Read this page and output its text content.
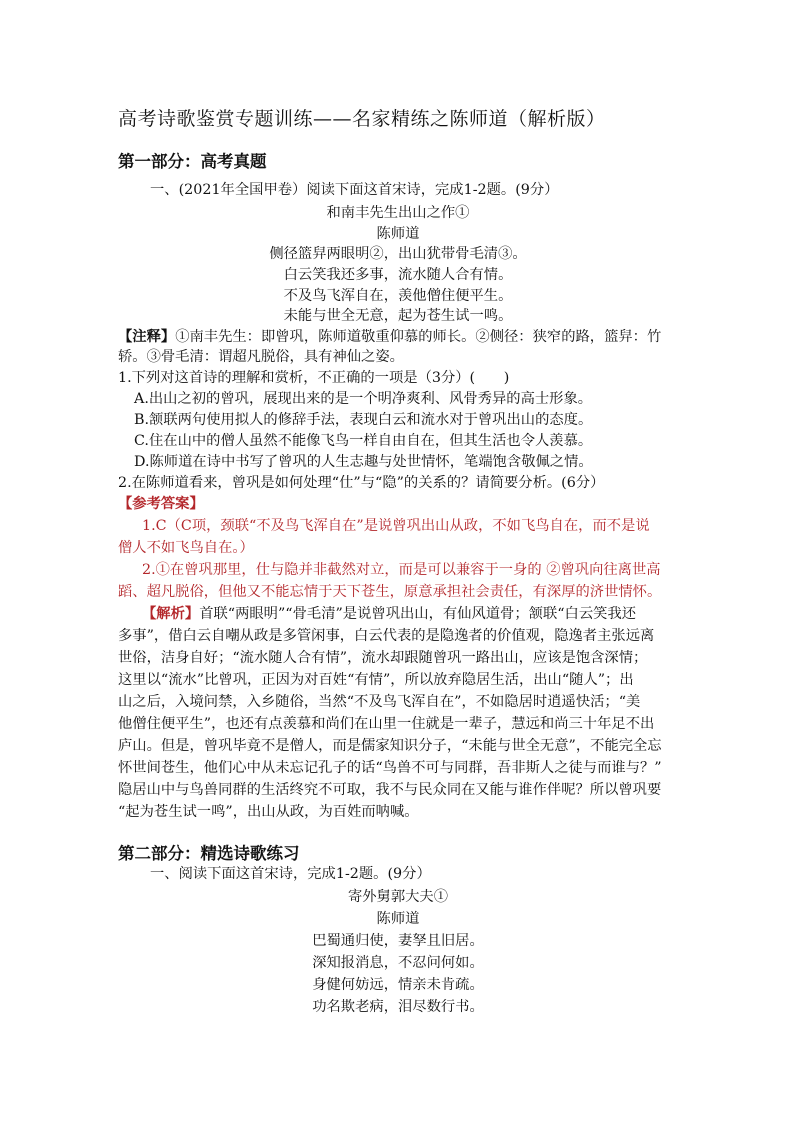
高考诗歌鉴赏专题训练——名家精练之陈师道（解析版）
第一部分：高考真题
一、(2021年全国甲卷）阅读下面这首宋诗，完成1-2题。(9分）
和南丰先生出山之作①
陈师道
侧径篮舁两眼明②，出山犹带骨毛清③。
白云笑我还多事，流水随人合有情。
不及鸟飞浑自在，羡他僧住便平生。
未能与世全无意，起为苍生试一鸣。
【注释】①南丰先生：即曾巩，陈师道敬重仰慕的师长。②侧径：狭窄的路，篮舁：竹
轿。③骨毛清：谓超凡脱俗，具有神仙之姿。
1.下列对这首诗的理解和赏析，不正确的一项是（3分）(　　)
A.出山之初的曾巩，展现出来的是一个明净爽利、风骨秀异的高士形象。
B.颔联两句使用拟人的修辞手法，表现白云和流水对于曾巩出山的态度。
C.住在山中的僧人虽然不能像飞鸟一样自由自在，但其生活也令人羡慕。
D.陈师道在诗中书写了曾巩的人生志趣与处世情怀，笔端饱含敬佩之情。
2.在陈师道看来，曾巩是如何处理“仕”与“隐”的关系的？请简要分析。(6分）
【参考答案】
1.C（C项，颈联“不及鸟飞浑自在”是说曾巩出山从政，不如飞鸟自在，而不是说
僧人不如飞鸟自在。）
2.①在曾巩那里，仕与隐并非截然对立，而是可以兼容于一身的 ②曾巩向往离世高
蹈、超凡脱俗，但他又不能忘情于天下苍生，原意承担社会责任，有深厚的济世情怀。
【解析】首联“两眼明”“骨毛清”是说曾巩出山，有仙风道骨；颔联“白云笑我还
多事”，借白云自嘲从政是多管闲事，白云代表的是隐逸者的价值观，隐逸者主张远离
世俗，洁身自好；“流水随人合有情”，流水却跟随曾巩一路出山，应该是饱含深情；
这里以“流水”比曾巩，正因为对百姓“有情”，所以放弃隐居生活，出山“随人”；出
山之后，入境问禁，入乡随俗，当然“不及鸟飞浑自在”，不如隐居时逍遥快活；“美
他僧住便平生”，也还有点羡慕和尚们在山里一住就是一辈子，慧远和尚三十年足不出
庐山。但是，曾巩毕竟不是僧人，而是儒家知识分子，“未能与世全无意”，不能完全忘
怀世间苍生，他们心中从未忘记孔子的话“鸟兽不可与同群，吾非斯人之徒与而谁与？”
隐居山中与鸟兽同群的生活终究不可取，我不与民众同在又能与谁作伴呢？所以曾巩要
“起为苍生试一鸣”，出山从政，为百姓而呐喊。
第二部分：精选诗歌练习
一、阅读下面这首宋诗，完成1-2题。(9分）
寄外舅郭大夫①
陈师道
巴蜀通归使，妻孥且旧居。
深知报消息，不忍问何如。
身健何妨远，情亲未肯疏。
功名欺老病，泪尽数行书。
